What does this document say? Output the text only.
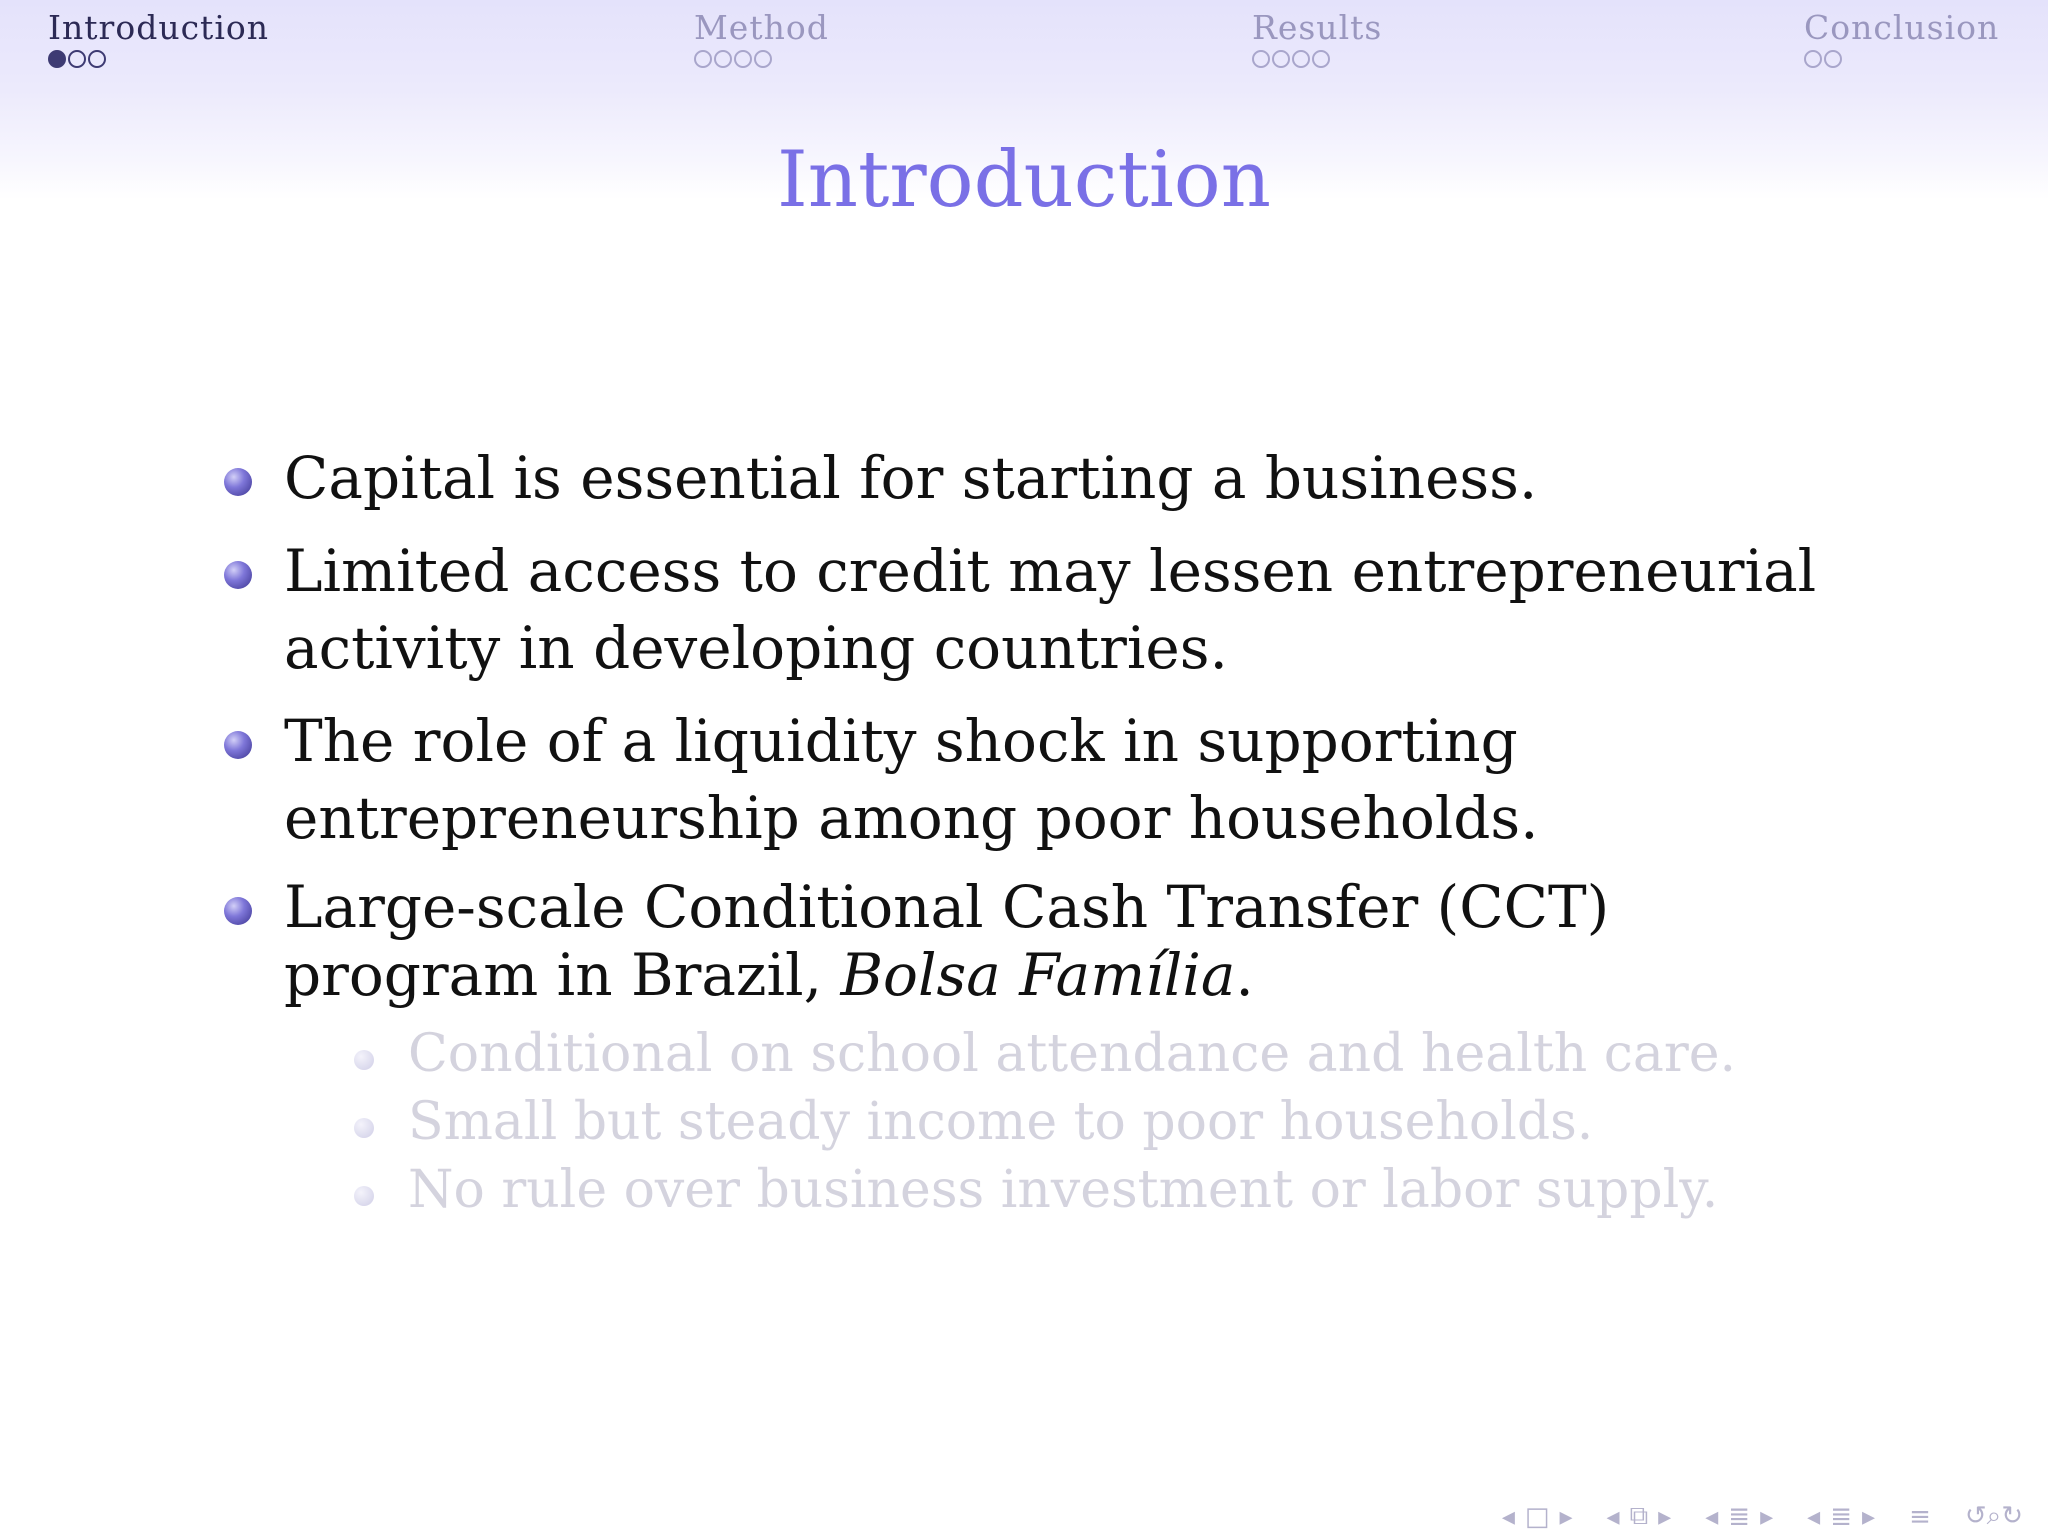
Introduction	Method	Results	Conclusion
Introduction
Capital is essential for starting a business.
Limited access to credit may lessen entrepreneurial activity in developing countries.
The role of a liquidity shock in supporting entrepreneurship among poor households.
Large-scale Conditional Cash Transfer (CCT) program in Brazil, Bolsa Família.
Conditional on school attendance and health care.
Small but steady income to poor households.
No rule over business investment or labor supply.
◂ □ ▸ ◂ ⧉ ▸ ◂ ≣ ▸ ◂ ≣ ▸ ≡ ↺⌕↻
